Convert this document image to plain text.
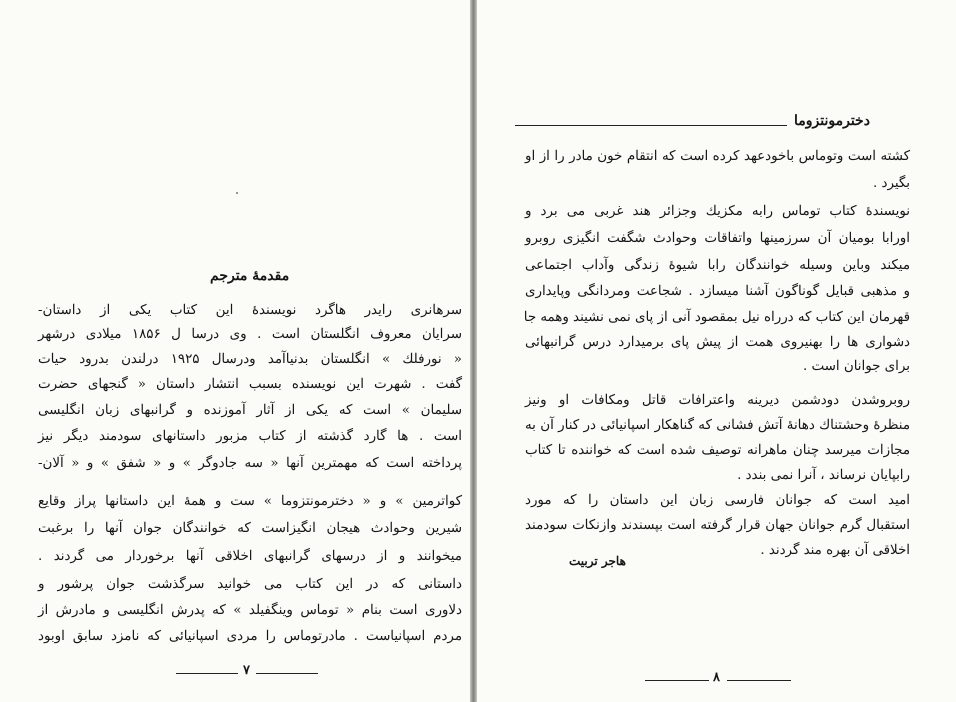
مقدمهٔ مترجم
سرهانری رایدر هاگرد نویسندهٔ این کتاب یکی از داستان-
سرایان معروف انگلستان است . وی درسا ل ۱۸۵۶ میلادی درشهر
« نورفلك » انگلستان بدنیاآمد ودرسال ۱۹۲۵ درلندن بدرود حیات
گفت . شهرت این نویسنده بسبب انتشار داستان « گنجهای حضرت
سلیمان » است که یکی از آثار آموزنده و گرانبهای زبان انگلیسی
است . ها گارد گذشته از کتاب مزبور داستانهای سودمند دیگر نیز
پرداخته است که مهمترین آنها « سه جادوگر » و « شفق » و « آلان-
کواترمین » و « دخترمونتزوما » ست و همهٔ این داستانها پراز وقایع
شیرین وحوادث هیجان انگیزاست که خوانندگان جوان آنها را برغبت
میخوانند و از درسهای گرانبهای اخلاقی آنها برخوردار می گردند .
داستانی که در این کتاب می خوانید سرگذشت جوان پرشور و
دلاوری است بنام « توماس وینگفیلد » که پدرش انگلیسی و مادرش از
مردم اسپانیاست . مادرتوماس را مردی اسپانیائی که نامزد سابق اوبود
۷
دخترمونتزوما
کشته است وتوماس باخودعهد کرده است که انتقام خون مادر را از او
بگیرد .
نویسندهٔ کتاب توماس رابه مکزیك وجزائر هند غربی می برد و
اورابا بومیان آن سرزمینها واتفاقات وحوادث شگفت انگیزی روبرو
میکند وباین وسیله خوانندگان رابا شیوهٔ زندگی وآداب اجتماعی
و مذهبی قبایل گوناگون آشنا میسازد . شجاعت ومردانگی وپایداری
قهرمان این کتاب که درراه نیل بمقصود آنی از پای نمی نشیند وهمه جا
دشواری ها را بهنیروی همت از پیش پای برمیدارد درس گرانبهائی
برای جوانان است .
روبروشدن دودشمن دیرینه واعترافات قاتل ومکافات او ونیز
منظرهٔ وحشتناك دهانهٔ آتش فشانی که گناهکار اسپانیائی در کنار آن به
مجازات میرسد چنان ماهرانه توصیف شده است که خواننده تا کتاب
رابپایان نرساند ، آنرا نمی بندد .
امید است که جوانان فارسی زبان این داستان را که مورد
استقبال گرم جوانان جهان قرار گرفته است بپسندند وازنکات سودمند
اخلاقی آن بهره مند گردند .
هاجر تربیت
۸
